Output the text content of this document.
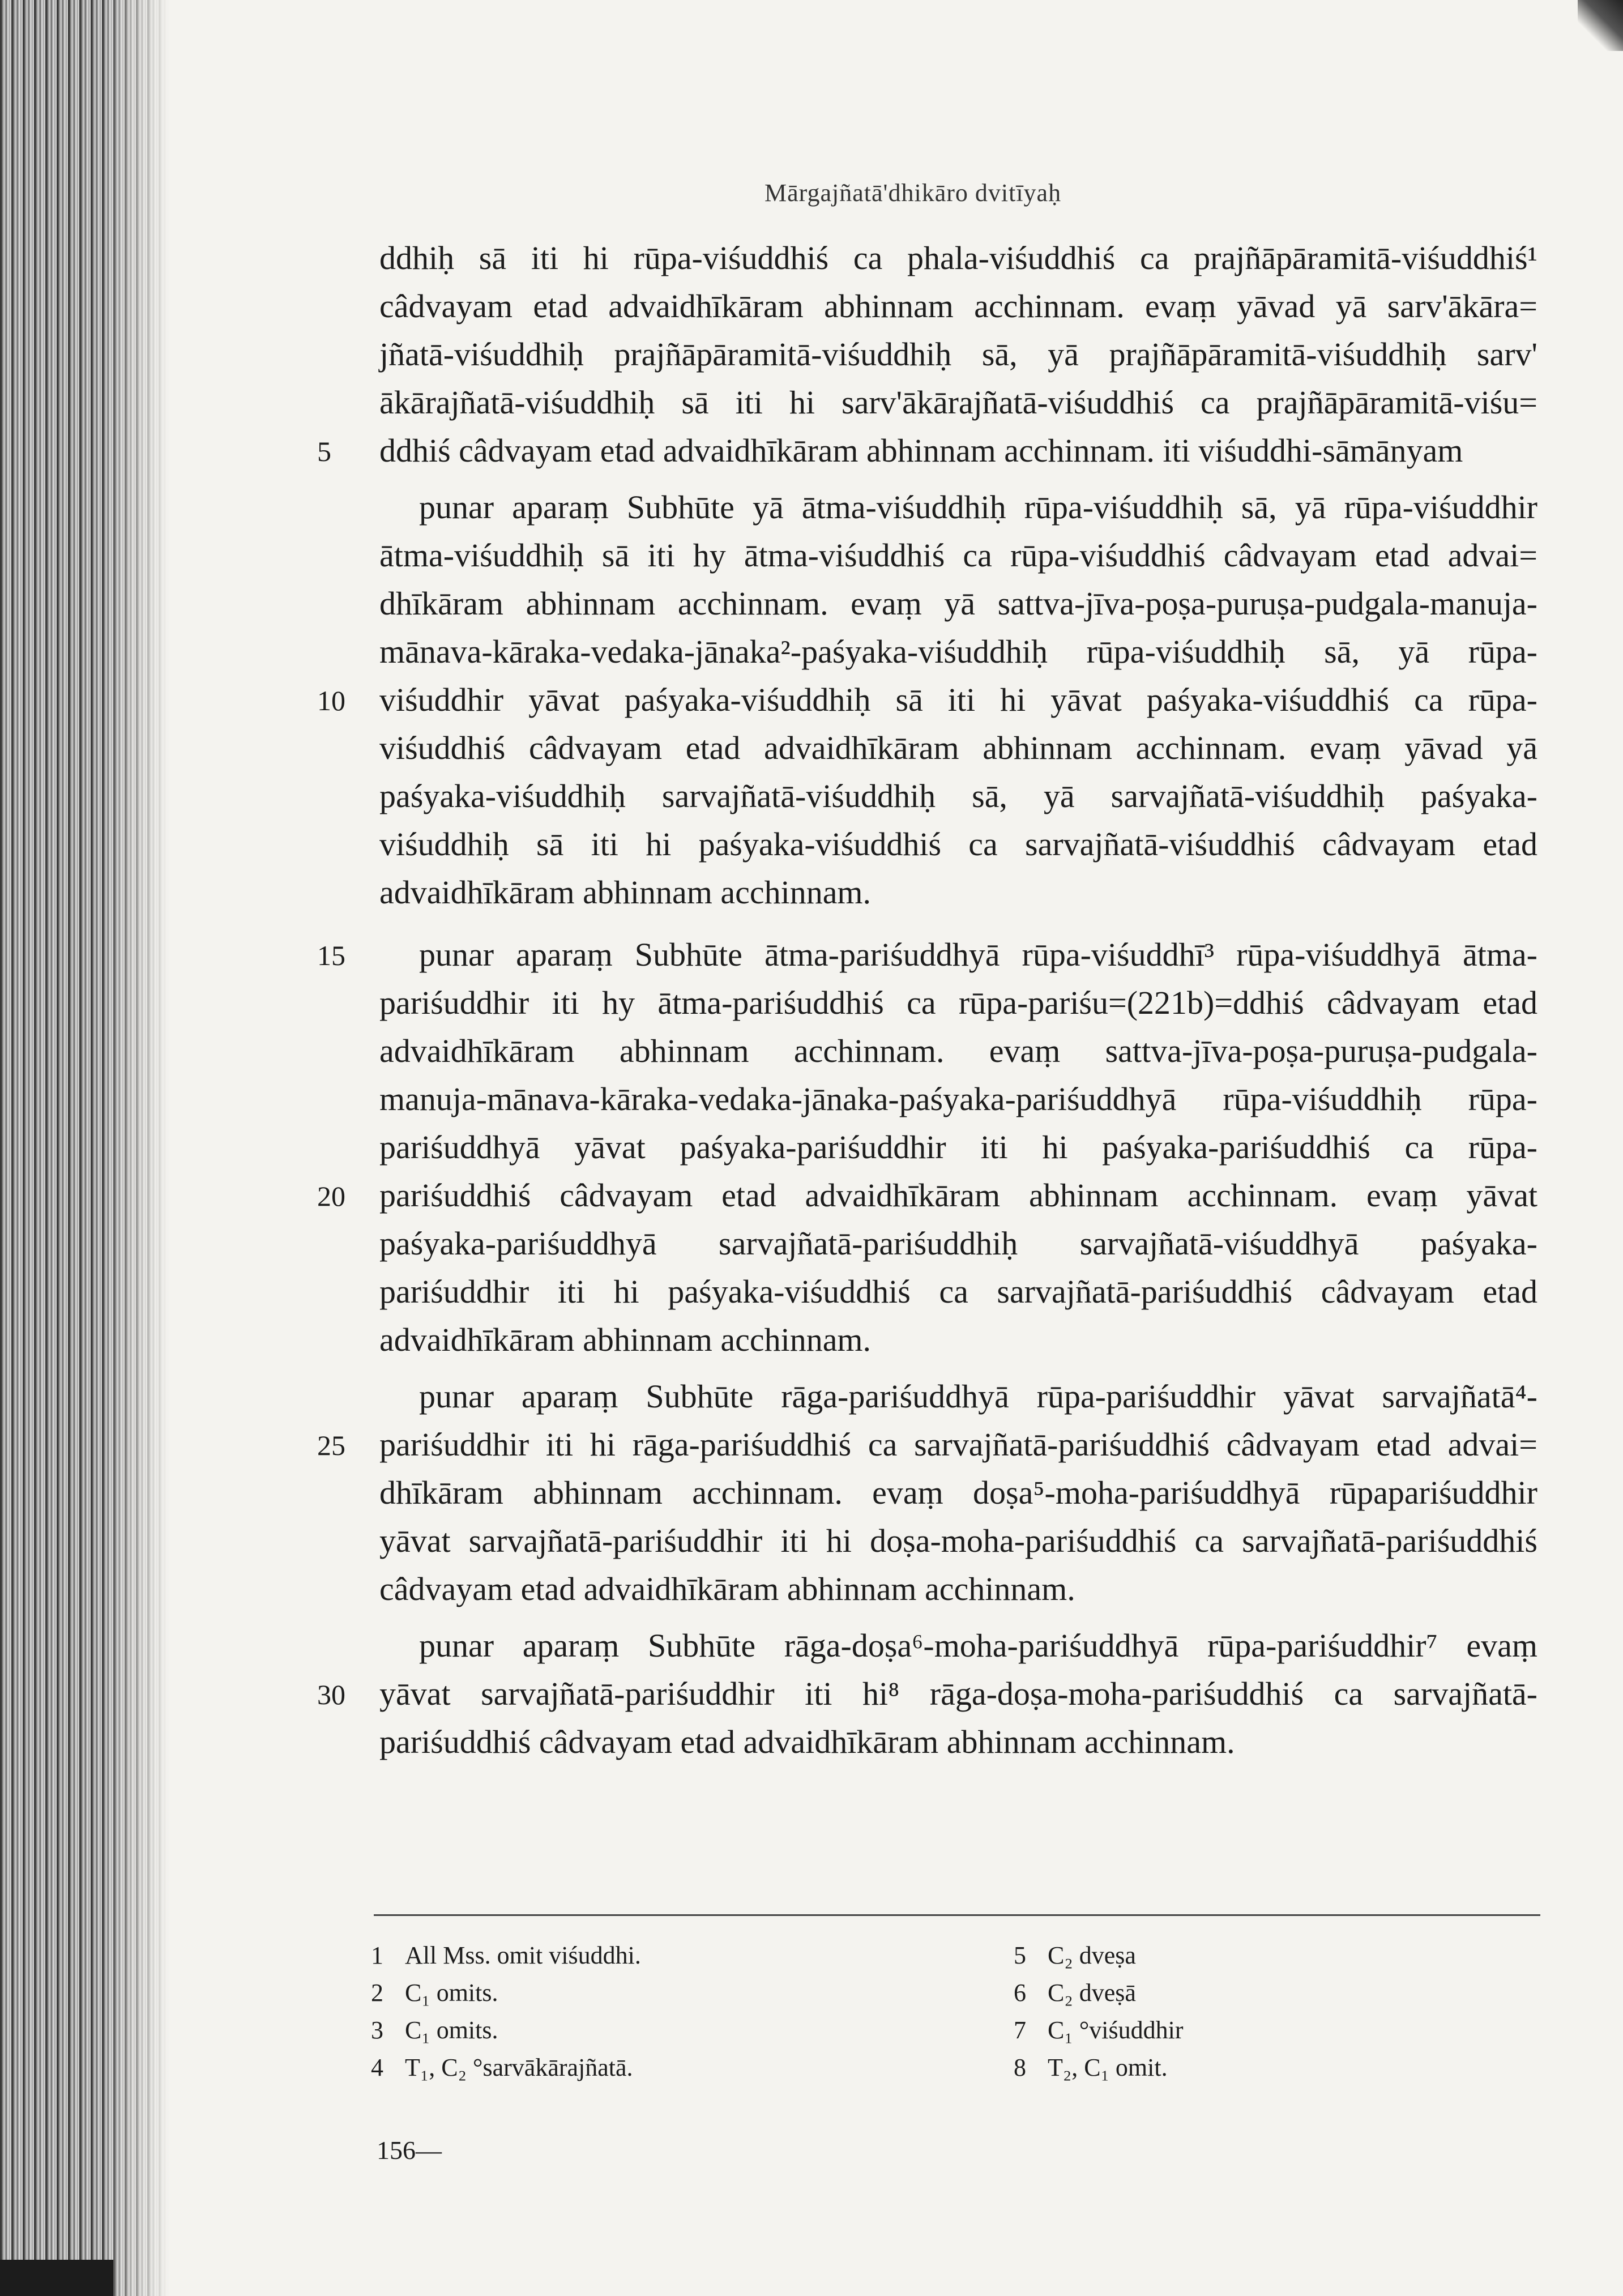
Mārgajñatā'dhikāro dvitīyaḥ
ddhiḥ sā iti hi rūpa-viśuddhiś ca phala-viśuddhiś ca prajñāpāramitā-viśuddhiś¹
câdvayam etad advaidhīkāram abhinnam acchinnam. evaṃ yāvad yā sarv'ākāra=
jñatā-viśuddhiḥ prajñāpāramitā-viśuddhiḥ sā, yā prajñāpāramitā-viśuddhiḥ sarv'
ākārajñatā-viśuddhiḥ sā iti hi sarv'ākārajñatā-viśuddhiś ca prajñāpāramitā-viśu=
ddhiś câdvayam etad advaidhīkāram abhinnam acchinnam. iti viśuddhi-sāmānyam
5
punar aparaṃ Subhūte yā ātma-viśuddhiḥ rūpa-viśuddhiḥ sā, yā rūpa-viśuddhir
ātma-viśuddhiḥ sā iti hy ātma-viśuddhiś ca rūpa-viśuddhiś câdvayam etad advai=
dhīkāram abhinnam acchinnam. evaṃ yā sattva-jīva-poṣa-puruṣa-pudgala-manuja-
mānava-kāraka-vedaka-jānaka²-paśyaka-viśuddhiḥ rūpa-viśuddhiḥ sā, yā rūpa-
viśuddhir yāvat paśyaka-viśuddhiḥ sā iti hi yāvat paśyaka-viśuddhiś ca rūpa-
10
viśuddhiś câdvayam etad advaidhīkāram abhinnam acchinnam. evaṃ yāvad yā
paśyaka-viśuddhiḥ sarvajñatā-viśuddhiḥ sā, yā sarvajñatā-viśuddhiḥ paśyaka-
viśuddhiḥ sā iti hi paśyaka-viśuddhiś ca sarvajñatā-viśuddhiś câdvayam etad
advaidhīkāram abhinnam acchinnam.
punar aparaṃ Subhūte ātma-pariśuddhyā rūpa-viśuddhī³ rūpa-viśuddhyā ātma-
15
pariśuddhir iti hy ātma-pariśuddhiś ca rūpa-pariśu=(221b)=ddhiś câdvayam etad
advaidhīkāram abhinnam acchinnam. evaṃ sattva-jīva-poṣa-puruṣa-pudgala-
manuja-mānava-kāraka-vedaka-jānaka-paśyaka-pariśuddhyā rūpa-viśuddhiḥ rūpa-
pariśuddhyā yāvat paśyaka-pariśuddhir iti hi paśyaka-pariśuddhiś ca rūpa-
pariśuddhiś câdvayam etad advaidhīkāram abhinnam acchinnam. evaṃ yāvat
20
paśyaka-pariśuddhyā sarvajñatā-pariśuddhiḥ sarvajñatā-viśuddhyā paśyaka-
pariśuddhir iti hi paśyaka-viśuddhiś ca sarvajñatā-pariśuddhiś câdvayam etad
advaidhīkāram abhinnam acchinnam.
punar aparaṃ Subhūte rāga-pariśuddhyā rūpa-pariśuddhir yāvat sarvajñatā⁴-
pariśuddhir iti hi rāga-pariśuddhiś ca sarvajñatā-pariśuddhiś câdvayam etad advai=
25
dhīkāram abhinnam acchinnam. evaṃ doṣa⁵-moha-pariśuddhyā rūpapariśuddhir
yāvat sarvajñatā-pariśuddhir iti hi doṣa-moha-pariśuddhiś ca sarvajñatā-pariśuddhiś
câdvayam etad advaidhīkāram abhinnam acchinnam.
punar aparaṃ Subhūte rāga-doṣa⁶-moha-pariśuddhyā rūpa-pariśuddhir⁷ evaṃ
yāvat sarvajñatā-pariśuddhir iti hi⁸ rāga-doṣa-moha-pariśuddhiś ca sarvajñatā-
30
pariśuddhiś câdvayam etad advaidhīkāram abhinnam acchinnam.
1 All Mss. omit viśuddhi.
2 C₁ omits.
3 C₁ omits.
4 T₁, C₂ °sarvākārajñatā.
5 C₂ dveṣa
6 C₂ dveṣā
7 C₁ °viśuddhir
8 T₂, C₁ omit.
156—
